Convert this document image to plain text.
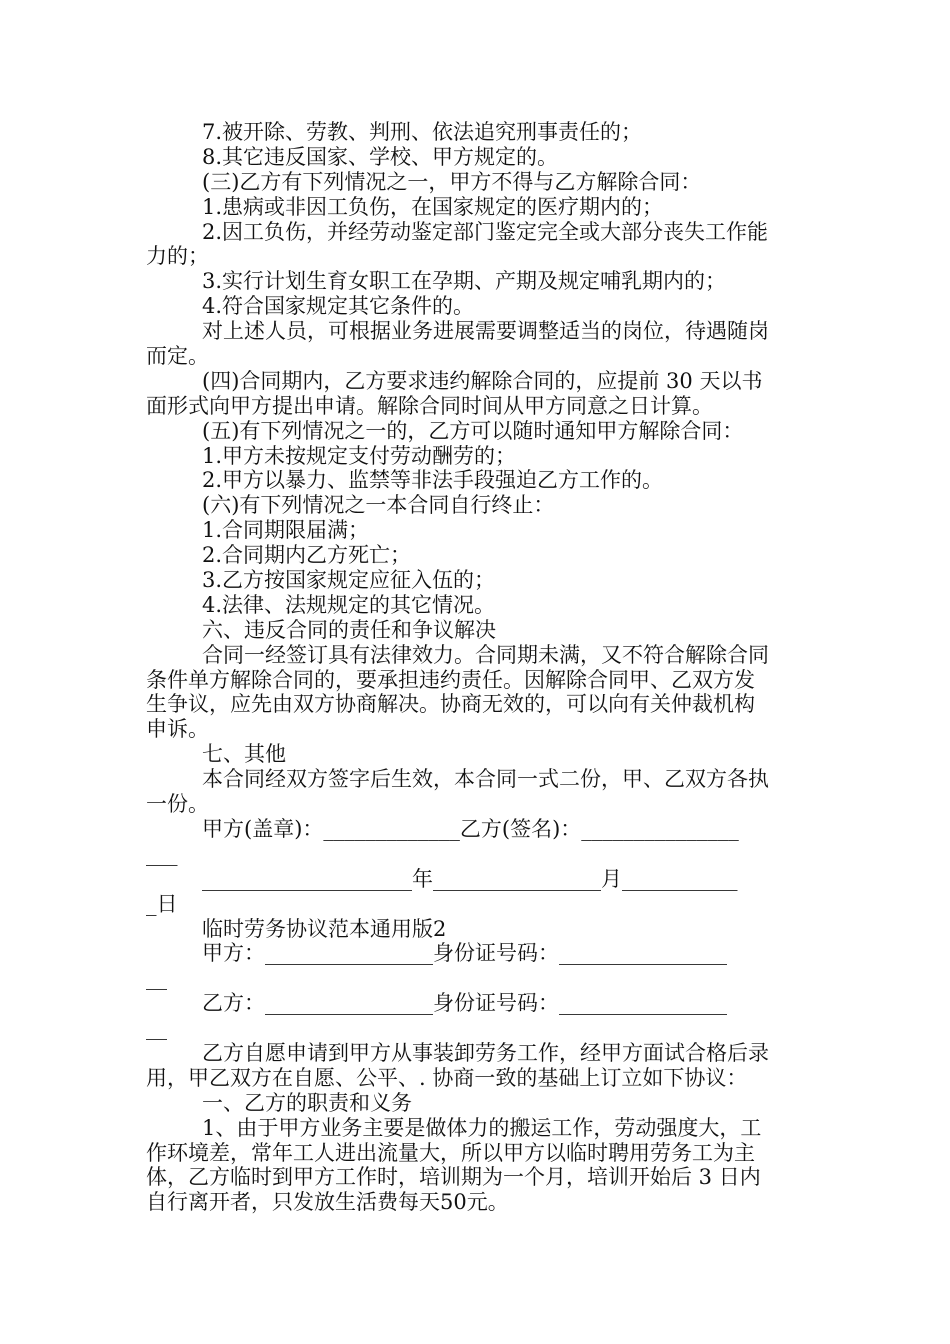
7.被开除、劳教、判刑、依法追究刑事责任的；
8.其它违反国家、学校、甲方规定的。
(三)乙方有下列情况之一，甲方不得与乙方解除合同：
1.患病或非因工负伤，在国家规定的医疗期内的；
2.因工负伤，并经劳动鉴定部门鉴定完全或大部分丧失工作能
力的；
3.实行计划生育女职工在孕期、产期及规定哺乳期内的；
4.符合国家规定其它条件的。
对上述人员，可根据业务进展需要调整适当的岗位，待遇随岗
而定。
(四)合同期内，乙方要求违约解除合同的，应提前 30 天以书
面形式向甲方提出申请。解除合同时间从甲方同意之日计算。
(五)有下列情况之一的，乙方可以随时通知甲方解除合同：
1.甲方未按规定支付劳动酬劳的；
2.甲方以暴力、监禁等非法手段强迫乙方工作的。
(六)有下列情况之一本合同自行终止：
1.合同期限届满；
2.合同期内乙方死亡；
3.乙方按国家规定应征入伍的；
4.法律、法规规定的其它情况。
六、违反合同的责任和争议解决
合同一经签订具有法律效力。合同期未满，又不符合解除合同
条件单方解除合同的，要承担违约责任。因解除合同甲、乙双方发
生争议，应先由双方协商解决。协商无效的，可以向有关仲裁机构
申诉。
七、其他
本合同经双方签字后生效，本合同一式二份，甲、乙双方各执
一份。
甲方(盖章)：_____________乙方(签名)：_______________
___
____________________年________________月___________
_日
临时劳务协议范本通用版2
甲方：________________身份证号码：________________
__
乙方：________________身份证号码：________________
__
乙方自愿申请到甲方从事装卸劳务工作，经甲方面试合格后录
用，甲乙双方在自愿、公平、. 协商一致的基础上订立如下协议：
一、乙方的职责和义务
1、由于甲方业务主要是做体力的搬运工作，劳动强度大，工
作环境差，常年工人进出流量大，所以甲方以临时聘用劳务工为主
体，乙方临时到甲方工作时，培训期为一个月，培训开始后 3 日内
自行离开者，只发放生活费每天50元。
